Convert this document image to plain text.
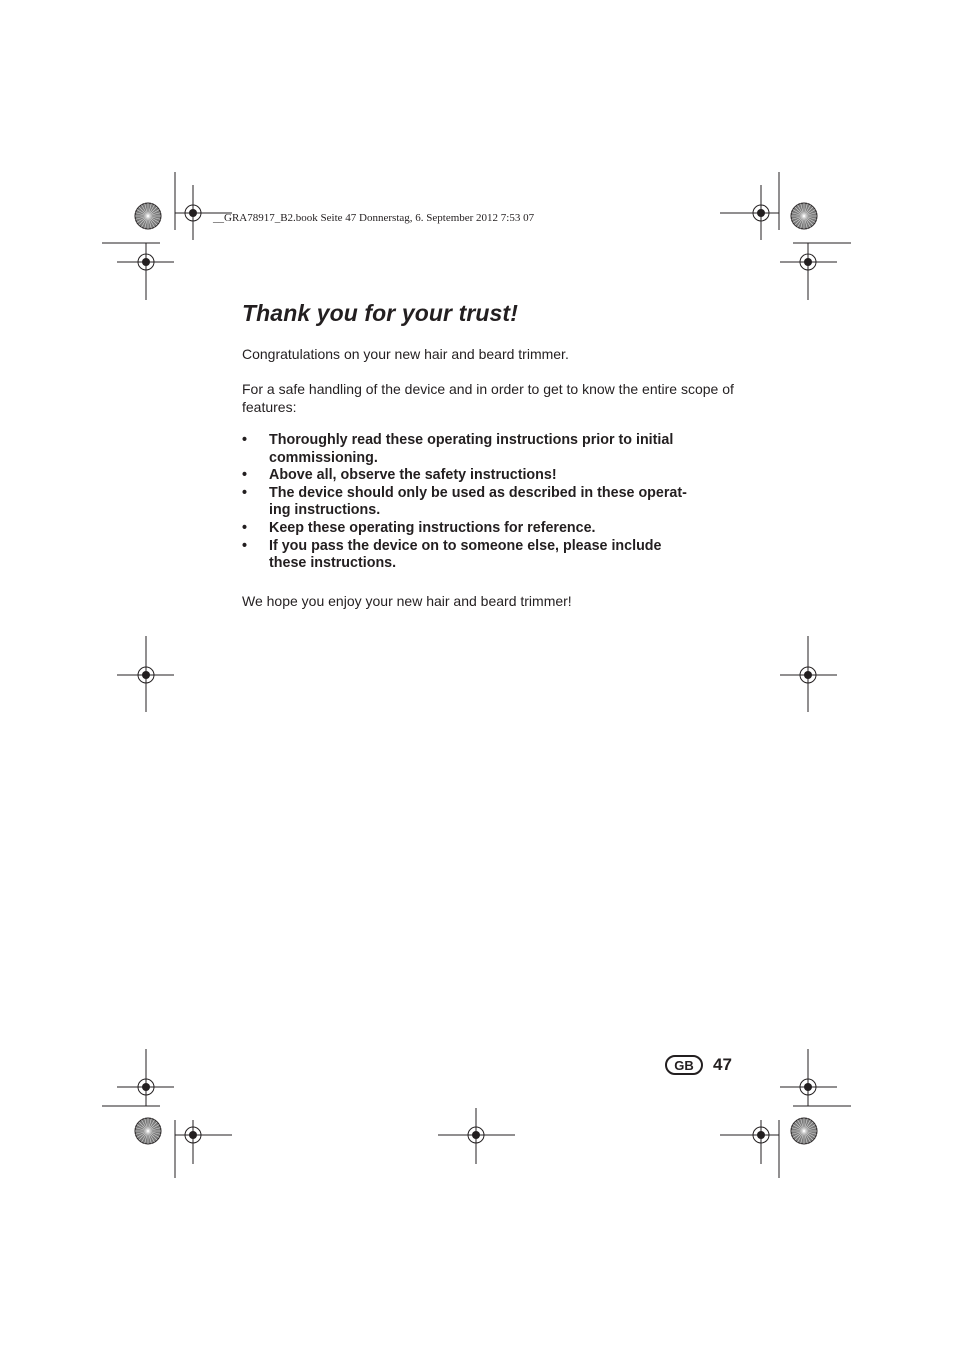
__GRA78917_B2.book Seite 47 Donnerstag, 6. September 2012 7:53 07
Thank you for your trust!

Congratulations on your new hair and beard trimmer.

For a safe handling of the device and in order to get to know the entire scope of features:

• Thoroughly read these operating instructions prior to initial
commissioning.
• Above all, observe the safety instructions!
• The device should only be used as described in these operat-
ing instructions.
• Keep these operating instructions for reference.
• If you pass the device on to someone else, please include
these instructions.

We hope you enjoy your new hair and beard trimmer!

GB	47
